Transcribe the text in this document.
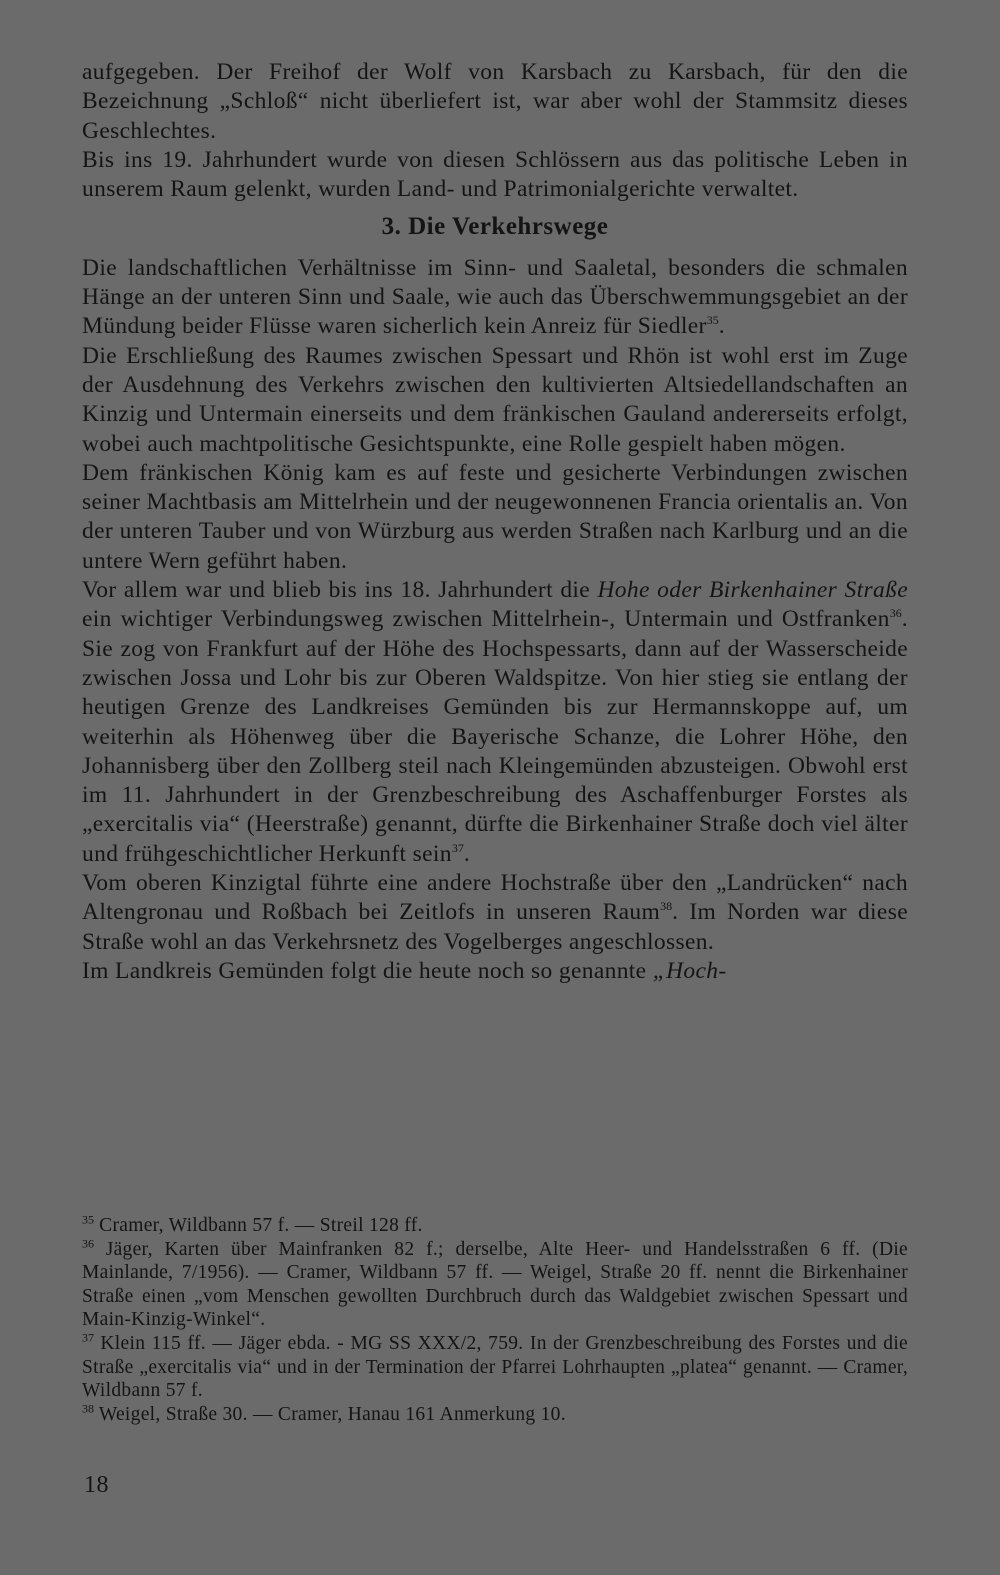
aufgegeben. Der Freihof der Wolf von Karsbach zu Karsbach, für den die Bezeichnung „Schloß“ nicht überliefert ist, war aber wohl der Stammsitz dieses Geschlechtes.

Bis ins 19. Jahrhundert wurde von diesen Schlössern aus das politische Leben in unserem Raum gelenkt, wurden Land- und Patrimonialgerichte verwaltet.

3. Die Verkehrswege

Die landschaftlichen Verhältnisse im Sinn- und Saaletal, besonders die schmalen Hänge an der unteren Sinn und Saale, wie auch das Überschwemmungsgebiet an der Mündung beider Flüsse waren sicherlich kein Anreiz für Siedler$^{35}$.

Die Erschließung des Raumes zwischen Spessart und Rhön ist wohl erst im Zuge der Ausdehnung des Verkehrs zwischen den kultivierten Altsiedellandschaften an Kinzig und Untermain einerseits und dem fränkischen Gauland andererseits erfolgt, wobei auch machtpolitische Gesichtspunkte, eine Rolle gespielt haben mögen.

Dem fränkischen König kam es auf feste und gesicherte Verbindungen zwischen seiner Machtbasis am Mittelrhein und der neugewonnenen Francia orientalis an. Von der unteren Tauber und von Würzburg aus werden Straßen nach Karlburg und an die untere Wern geführt haben.

Vor allem war und blieb bis ins 18. Jahrhundert die Hohe oder Birkenhainer Straße ein wichtiger Verbindungsweg zwischen Mittelrhein-, Untermain und Ostfranken$^{36}$. Sie zog von Frankfurt auf der Höhe des Hochspessarts, dann auf der Wasserscheide zwischen Jossa und Lohr bis zur Oberen Waldspitze. Von hier stieg sie entlang der heutigen Grenze des Landkreises Gemünden bis zur Hermannskoppe auf, um weiterhin als Höhenweg über die Bayerische Schanze, die Lohrer Höhe, den Johannisberg über den Zollberg steil nach Kleingemünden abzusteigen. Obwohl erst im 11. Jahrhundert in der Grenzbeschreibung des Aschaffenburger Forstes als „exercitalis via“ (Heerstraße) genannt, dürfte die Birkenhainer Straße doch viel älter und frühgeschichtlicher Herkunft sein$^{37}$.

Vom oberen Kinzigtal führte eine andere Hochstraße über den „Landrücken“ nach Altengronau und Roßbach bei Zeitlofs in unseren Raum$^{38}$. Im Norden war diese Straße wohl an das Verkehrsnetz des Vogelberges angeschlossen.

Im Landkreis Gemünden folgt die heute noch so genannte „Hoch-

$^{35}$ Cramer, Wildbann 57 f. — Streil 128 ff.

$^{36}$ Jäger, Karten über Mainfranken 82 f.; derselbe, Alte Heer- und Handelsstraßen 6 ff. (Die Mainlande, 7/1956). — Cramer, Wildbann 57 ff. — Weigel, Straße 20 ff. nennt die Birkenhainer Straße einen „vom Menschen gewollten Durchbruch durch das Waldgebiet zwischen Spessart und Main-Kinzig-Winkel“.

$^{37}$ Klein 115 ff. — Jäger ebda. - MG SS XXX/2, 759. In der Grenzbeschreibung des Forstes und die Straße „exercitalis via“ und in der Termination der Pfarrei Lohrhaupten „platea“ genannt. — Cramer, Wildbann 57 f.

$^{38}$ Weigel, Straße 30. — Cramer, Hanau 161 Anmerkung 10.

18
